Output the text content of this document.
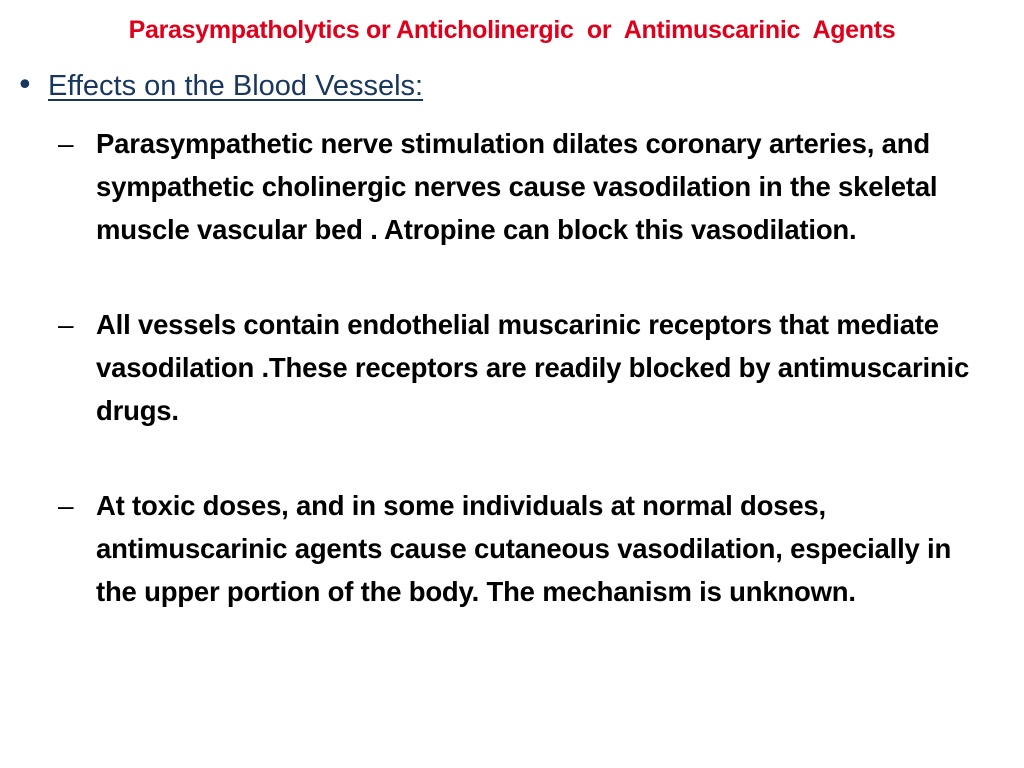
Parasympatholytics or Anticholinergic  or  Antimuscarinic  Agents
• Effects on the Blood Vessels:
– Parasympathetic nerve stimulation dilates coronary arteries, and sympathetic cholinergic nerves cause vasodilation in the skeletal muscle vascular bed . Atropine can block this vasodilation.
– All vessels contain endothelial muscarinic receptors that mediate vasodilation .These receptors are readily blocked by antimuscarinic drugs.
– At toxic doses, and in some individuals at normal doses, antimuscarinic agents cause cutaneous vasodilation, especially in the upper portion of the body. The mechanism is unknown.
